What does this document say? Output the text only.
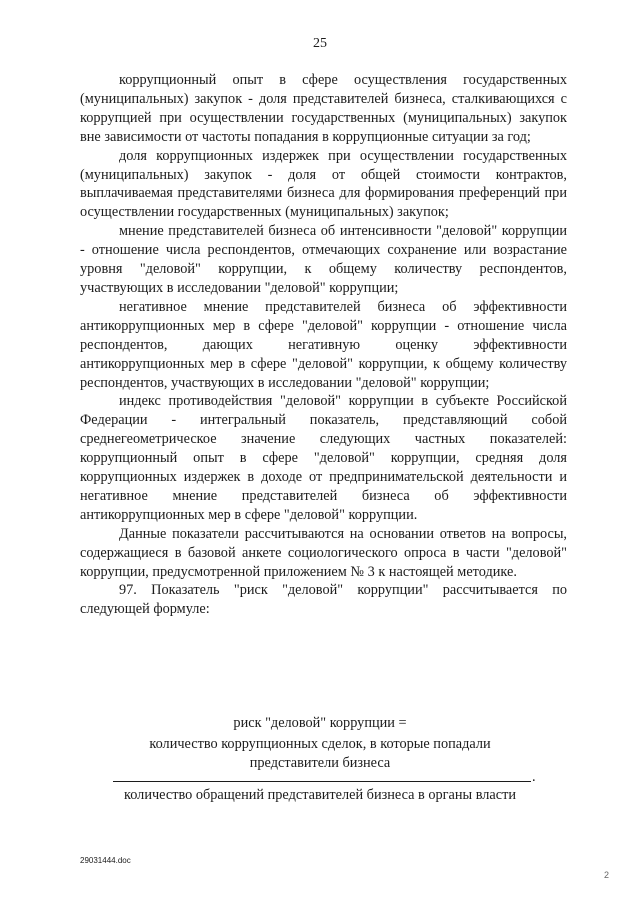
25

коррупционный опыт в сфере осуществления государственных (муниципальных) закупок - доля представителей бизнеса, сталкивающихся с коррупцией при осуществлении государственных (муниципальных) закупок вне зависимости от частоты попадания в коррупционные ситуации за год;

доля коррупционных издержек при осуществлении государственных (муниципальных) закупок - доля от общей стоимости контрактов, выплачиваемая представителями бизнеса для формирования преференций при осуществлении государственных (муниципальных) закупок;

мнение представителей бизнеса об интенсивности "деловой" коррупции - отношение числа респондентов, отмечающих сохранение или возрастание уровня "деловой" коррупции, к общему количеству респондентов, участвующих в исследовании "деловой" коррупции;

негативное мнение представителей бизнеса об эффективности антикоррупционных мер в сфере "деловой" коррупции - отношение числа респондентов, дающих негативную оценку эффективности антикоррупционных мер в сфере "деловой" коррупции, к общему количеству респондентов, участвующих в исследовании "деловой" коррупции;

индекс противодействия "деловой" коррупции в субъекте Российской Федерации - интегральный показатель, представляющий собой среднегеометрическое значение следующих частных показателей: коррупционный опыт в сфере "деловой" коррупции, средняя доля коррупционных издержек в доходе от предпринимательской деятельности и негативное мнение представителей бизнеса об эффективности антикоррупционных мер в сфере "деловой" коррупции.

Данные показатели рассчитываются на основании ответов на вопросы, содержащиеся в базовой анкете социологического опроса в части "деловой" коррупции, предусмотренной приложением № 3 к настоящей методике.

97. Показатель "риск "деловой" коррупции" рассчитывается по следующей формуле:

риск "деловой" коррупции =
количество коррупционных сделок, в которые попадали
представители бизнеса
.
количество обращений представителей бизнеса в органы власти
29031444.doc
2
